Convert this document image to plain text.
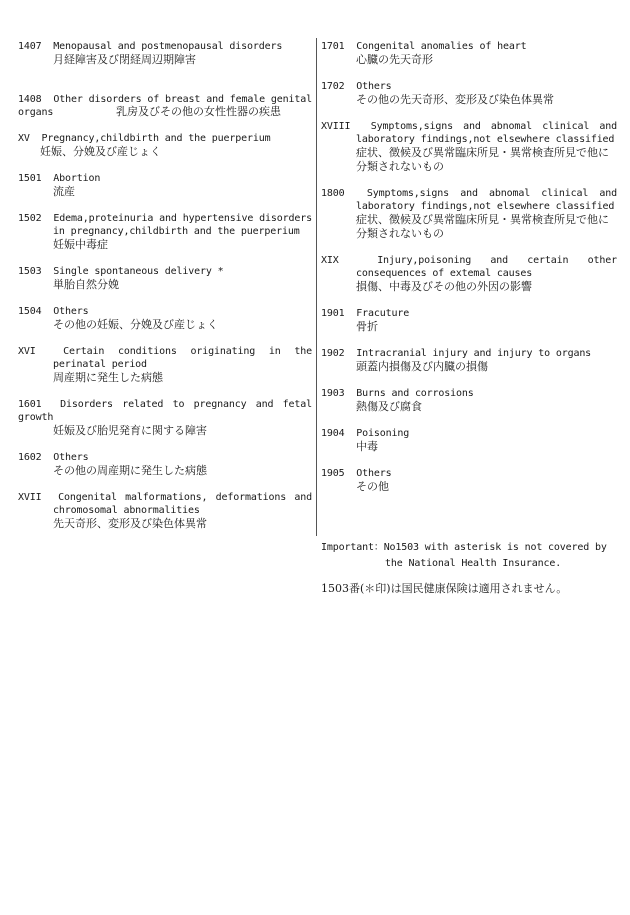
1407 Menopausal and postmenopausal disorders
月経障害及び閉経周辺期障害
1408 Other disorders of breast and female genital organs	乳房及びその他の女性性器の疾患
XV Pregnancy,childbirth and the puerperium
妊娠、分娩及び産じょく
1501 Abortion
流産
1502 Edema,proteinuria and hypertensive disorders in pregnancy,childbirth and the puerperium
妊娠中毒症
1503 Single spontaneous delivery *
単胎自然分娩
1504 Others
その他の妊娠、分娩及び産じょく
XVI	Certain conditions originating in the perinatal period
周産期に発生した病態
1601 Disorders related to pregnancy and fetal growth
妊娠及び胎児発育に関する障害
1602 Others
その他の周産期に発生した病態
XVII Congenital malformations, deformations and chromosomal abnormalities
先天奇形、変形及び染色体異常
1701 Congenital anomalies of heart
心臓の先天奇形
1702 Others
その他の先天奇形、変形及び染色体異常
XVIII Symptoms,signs and abnomal clinical and laboratory findings,not elsewhere classified
症状、徴候及び異常臨床所見・異常検査所見で他に分類されないもの
1800 Symptoms,signs and abnomal clinical and laboratory findings,not elsewhere classified
症状、徴候及び異常臨床所見・異常検査所見で他に分類されないもの
XIX	Injury,poisoning and certain other consequences of extemal causes
損傷、中毒及びその他の外因の影響
1901 Fracuture
骨折
1902 Intracranial injury and injury to organs
頭蓋内損傷及び内臓の損傷
1903 Burns and corrosions
熱傷及び腐食
1904 Poisoning
中毒
1905 Others
その他
Important：No1503 with asterisk is not covered by
the National Health Insurance.
1503番(＊印)は国民健康保険は適用されません。
